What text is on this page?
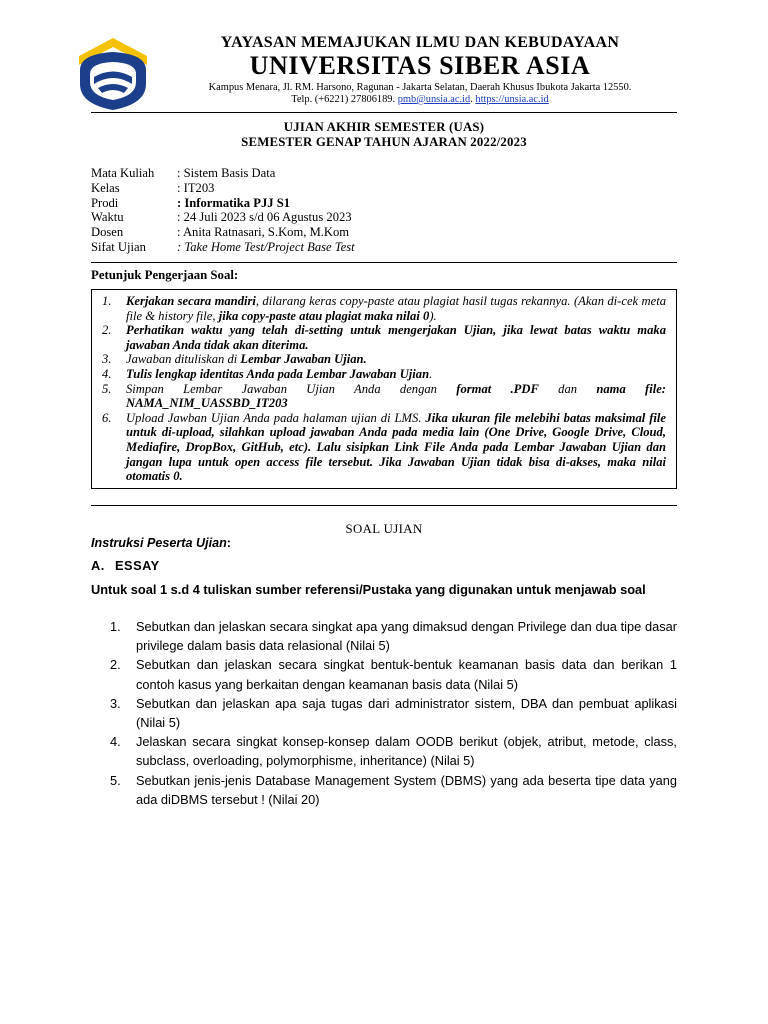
YAYASAN MEMAJUKAN ILMU DAN KEBUDAYAAN
UNIVERSITAS SIBER ASIA
Kampus Menara, Jl. RM. Harsono, Ragunan - Jakarta Selatan, Daerah Khusus Ibukota Jakarta 12550.
Telp. (+6221) 27806189. pmb@unsia.ac.id. https://unsia.ac.id
UJIAN AKHIR SEMESTER (UAS)
SEMESTER GENAP TAHUN AJARAN 2022/2023
Mata Kuliah : Sistem Basis Data
Kelas	: IT203
Prodi	: Informatika PJJ S1
Waktu	: 24 Juli 2023 s/d 06 Agustus 2023
Dosen	: Anita Ratnasari, S.Kom, M.Kom
Sifat Ujian : Take Home Test/Project Base Test
Petunjuk Pengerjaan Soal:
1.	Kerjakan secara mandiri, dilarang keras copy-paste atau plagiat hasil tugas rekannya. (Akan di-cek meta file & history file, jika copy-paste atau plagiat maka nilai 0).
2.	Perhatikan waktu yang telah di-setting untuk mengerjakan Ujian, jika lewat batas waktu maka jawaban Anda tidak akan diterima.
3.	Jawaban dituliskan di Lembar Jawaban Ujian.
4.	Tulis lengkap identitas Anda pada Lembar Jawaban Ujian.
5.	Simpan Lembar Jawaban Ujian Anda dengan format .PDF dan nama file: NAMA_NIM_UASSBD_IT203
6.	Upload Jawban Ujian Anda pada halaman ujian di LMS. Jika ukuran file melebihi batas maksimal file untuk di-upload, silahkan upload jawaban Anda pada media lain (One Drive, Google Drive, Cloud, Mediafire, DropBox, GitHub, etc). Lalu sisipkan Link File Anda pada Lembar Jawaban Ujian dan jangan lupa untuk open access file tersebut. Jika Jawaban Ujian tidak bisa di-akses, maka nilai otomatis 0.
SOAL UJIAN
Instruksi Peserta Ujian:
A. ESSAY
Untuk soal 1 s.d 4 tuliskan sumber referensi/Pustaka yang digunakan untuk menjawab soal
1.	Sebutkan dan jelaskan secara singkat apa yang dimaksud dengan Privilege dan dua tipe dasar privilege dalam basis data relasional (Nilai 5)
2.	Sebutkan dan jelaskan secara singkat bentuk-bentuk keamanan basis data dan berikan 1 contoh kasus yang berkaitan dengan keamanan basis data (Nilai 5)
3.	Sebutkan dan jelaskan apa saja tugas dari administrator sistem, DBA dan pembuat aplikasi (Nilai 5)
4.	Jelaskan secara singkat konsep-konsep dalam OODB berikut (objek, atribut, metode, class, subclass, overloading, polymorphisme, inheritance) (Nilai 5)
5.	Sebutkan jenis-jenis Database Management System (DBMS) yang ada beserta tipe data yang ada diDBMS tersebut ! (Nilai 20)
